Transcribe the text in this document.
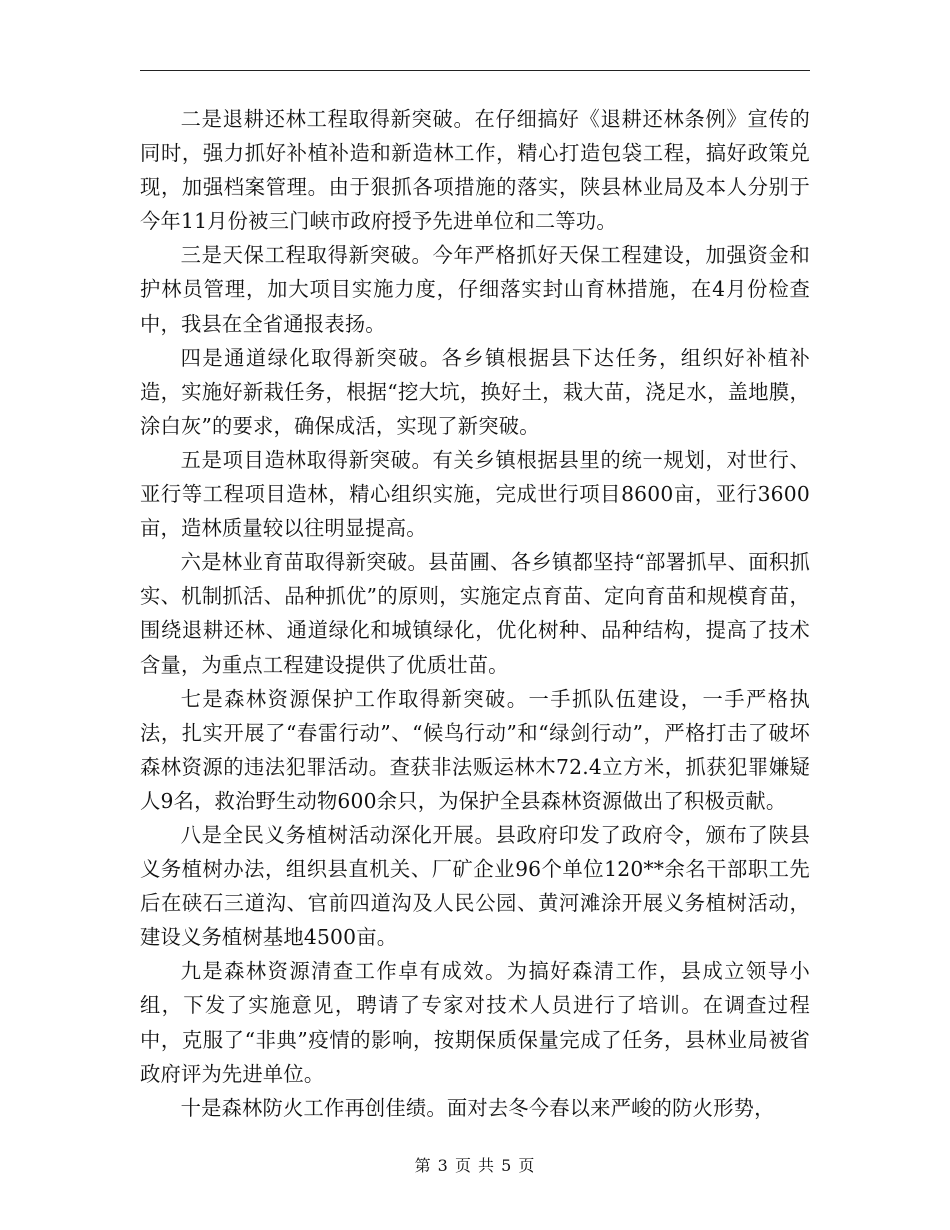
二是退耕还林工程取得新突破。在仔细搞好《退耕还林条例》宣传的同时，强力抓好补植补造和新造林工作，精心打造包袋工程，搞好政策兑现，加强档案管理。由于狠抓各项措施的落实，陕县林业局及本人分别于今年11月份被三门峡市政府授予先进单位和二等功。

三是天保工程取得新突破。今年严格抓好天保工程建设，加强资金和护林员管理，加大项目实施力度，仔细落实封山育林措施，在4月份检查中，我县在全省通报表扬。

四是通道绿化取得新突破。各乡镇根据县下达任务，组织好补植补造，实施好新栽任务，根据“挖大坑，换好土，栽大苗，浇足水，盖地膜，涂白灰”的要求，确保成活，实现了新突破。

五是项目造林取得新突破。有关乡镇根据县里的统一规划，对世行、亚行等工程项目造林，精心组织实施，完成世行项目8600亩，亚行3600亩，造林质量较以往明显提高。

六是林业育苗取得新突破。县苗圃、各乡镇都坚持“部署抓早、面积抓实、机制抓活、品种抓优”的原则，实施定点育苗、定向育苗和规模育苗，围绕退耕还林、通道绿化和城镇绿化，优化树种、品种结构，提高了技术含量，为重点工程建设提供了优质壮苗。

七是森林资源保护工作取得新突破。一手抓队伍建设，一手严格执法，扎实开展了“春雷行动”、“候鸟行动”和“绿剑行动”，严格打击了破坏森林资源的违法犯罪活动。查获非法贩运林木72.4立方米，抓获犯罪嫌疑人9名，救治野生动物600余只，为保护全县森林资源做出了积极贡献。

八是全民义务植树活动深化开展。县政府印发了政府令，颁布了陕县义务植树办法，组织县直机关、厂矿企业96个单位120**余名干部职工先后在硖石三道沟、官前四道沟及人民公园、黄河滩涂开展义务植树活动，建设义务植树基地4500亩。

九是森林资源清查工作卓有成效。为搞好森清工作，县成立领导小组，下发了实施意见，聘请了专家对技术人员进行了培训。在调查过程中，克服了“非典”疫情的影响，按期保质保量完成了任务，县林业局被省政府评为先进单位。

十是森林防火工作再创佳绩。面对去冬今春以来严峻的防火形势，

第 3 页 共 5 页
